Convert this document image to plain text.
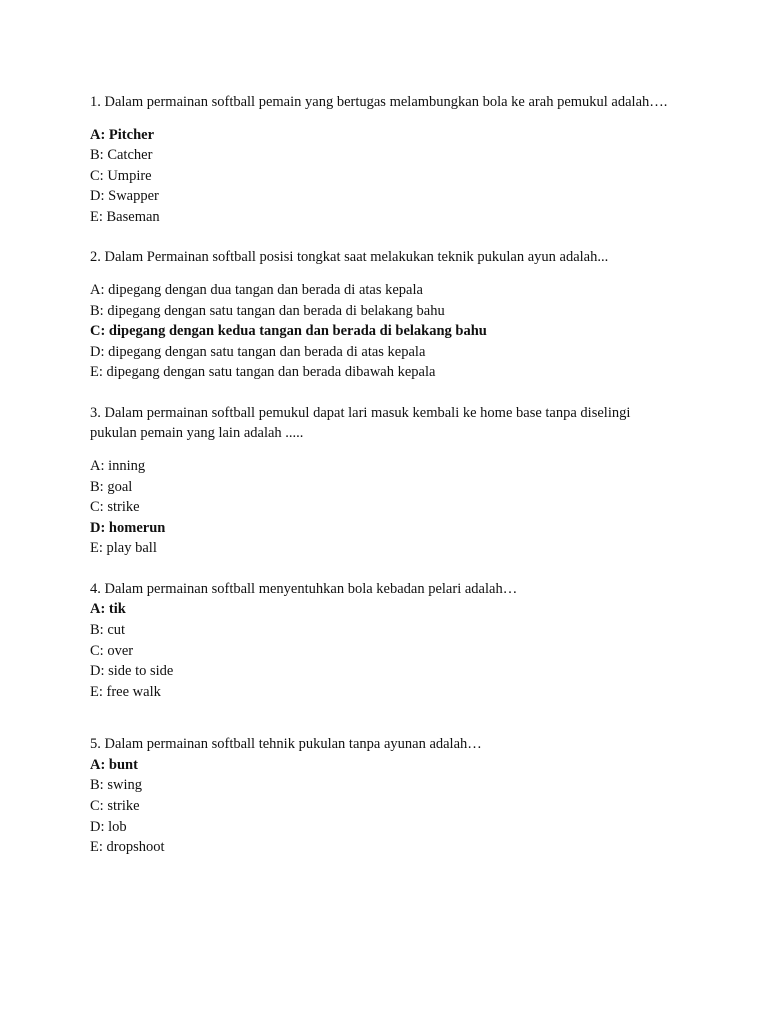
1. Dalam permainan softball pemain yang bertugas melambungkan bola ke arah pemukul adalah….

A: Pitcher
B: Catcher
C: Umpire
D: Swapper
E: Baseman

2. Dalam Permainan softball posisi tongkat saat melakukan teknik pukulan ayun adalah...

A: dipegang dengan dua tangan dan berada di atas kepala
B: dipegang dengan satu tangan dan berada di belakang bahu
C: dipegang dengan kedua tangan dan berada di belakang bahu
D: dipegang dengan satu tangan dan berada di atas kepala
E: dipegang dengan satu tangan dan berada dibawah kepala

3. Dalam permainan softball pemukul dapat lari masuk kembali ke home base tanpa diselingi pukulan pemain yang lain adalah .....

A: inning
B: goal
C: strike
D: homerun
E: play ball

4. Dalam permainan softball menyentuhkan bola kebadan pelari adalah…

A: tik
B: cut
C: over
D: side to side
E: free walk

5. Dalam permainan softball tehnik pukulan tanpa ayunan adalah…

A: bunt
B: swing
C: strike
D: lob
E: dropshoot
